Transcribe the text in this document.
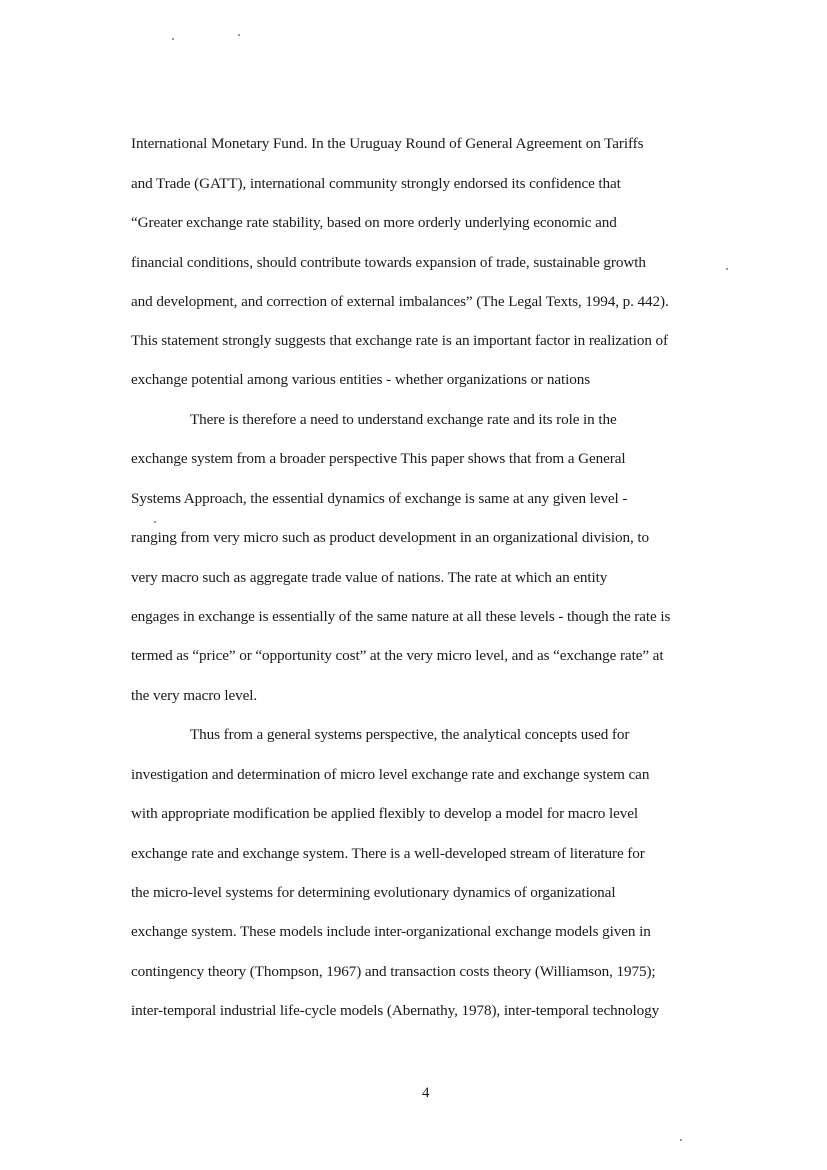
International Monetary Fund. In the Uruguay Round of General Agreement on Tariffs
and Trade (GATT), international community strongly endorsed its confidence that
“Greater exchange rate stability, based on more orderly underlying economic and
financial conditions, should contribute towards expansion of trade, sustainable growth
and development, and correction of external imbalances” (The Legal Texts, 1994, p. 442).
This statement strongly suggests that exchange rate is an important factor in realization of
exchange potential among various entities - whether organizations or nations
There is therefore a need to understand exchange rate and its role in the
exchange system from a broader perspective This paper shows that from a General
Systems Approach, the essential dynamics of exchange is same at any given level -
ranging from very micro such as product development in an organizational division, to
very macro such as aggregate trade value of nations. The rate at which an entity
engages in exchange is essentially of the same nature at all these levels - though the rate is
termed as “price” or “opportunity cost” at the very micro level, and as “exchange rate” at
the very macro level.
Thus from a general systems perspective, the analytical concepts used for
investigation and determination of micro level exchange rate and exchange system can
with appropriate modification be applied flexibly to develop a model for macro level
exchange rate and exchange system. There is a well-developed stream of literature for
the micro-level systems for determining evolutionary dynamics of organizational
exchange system. These models include inter-organizational exchange models given in
contingency theory (Thompson, 1967) and transaction costs theory (Williamson, 1975);
inter-temporal industrial life-cycle models (Abernathy, 1978), inter-temporal technology
4
